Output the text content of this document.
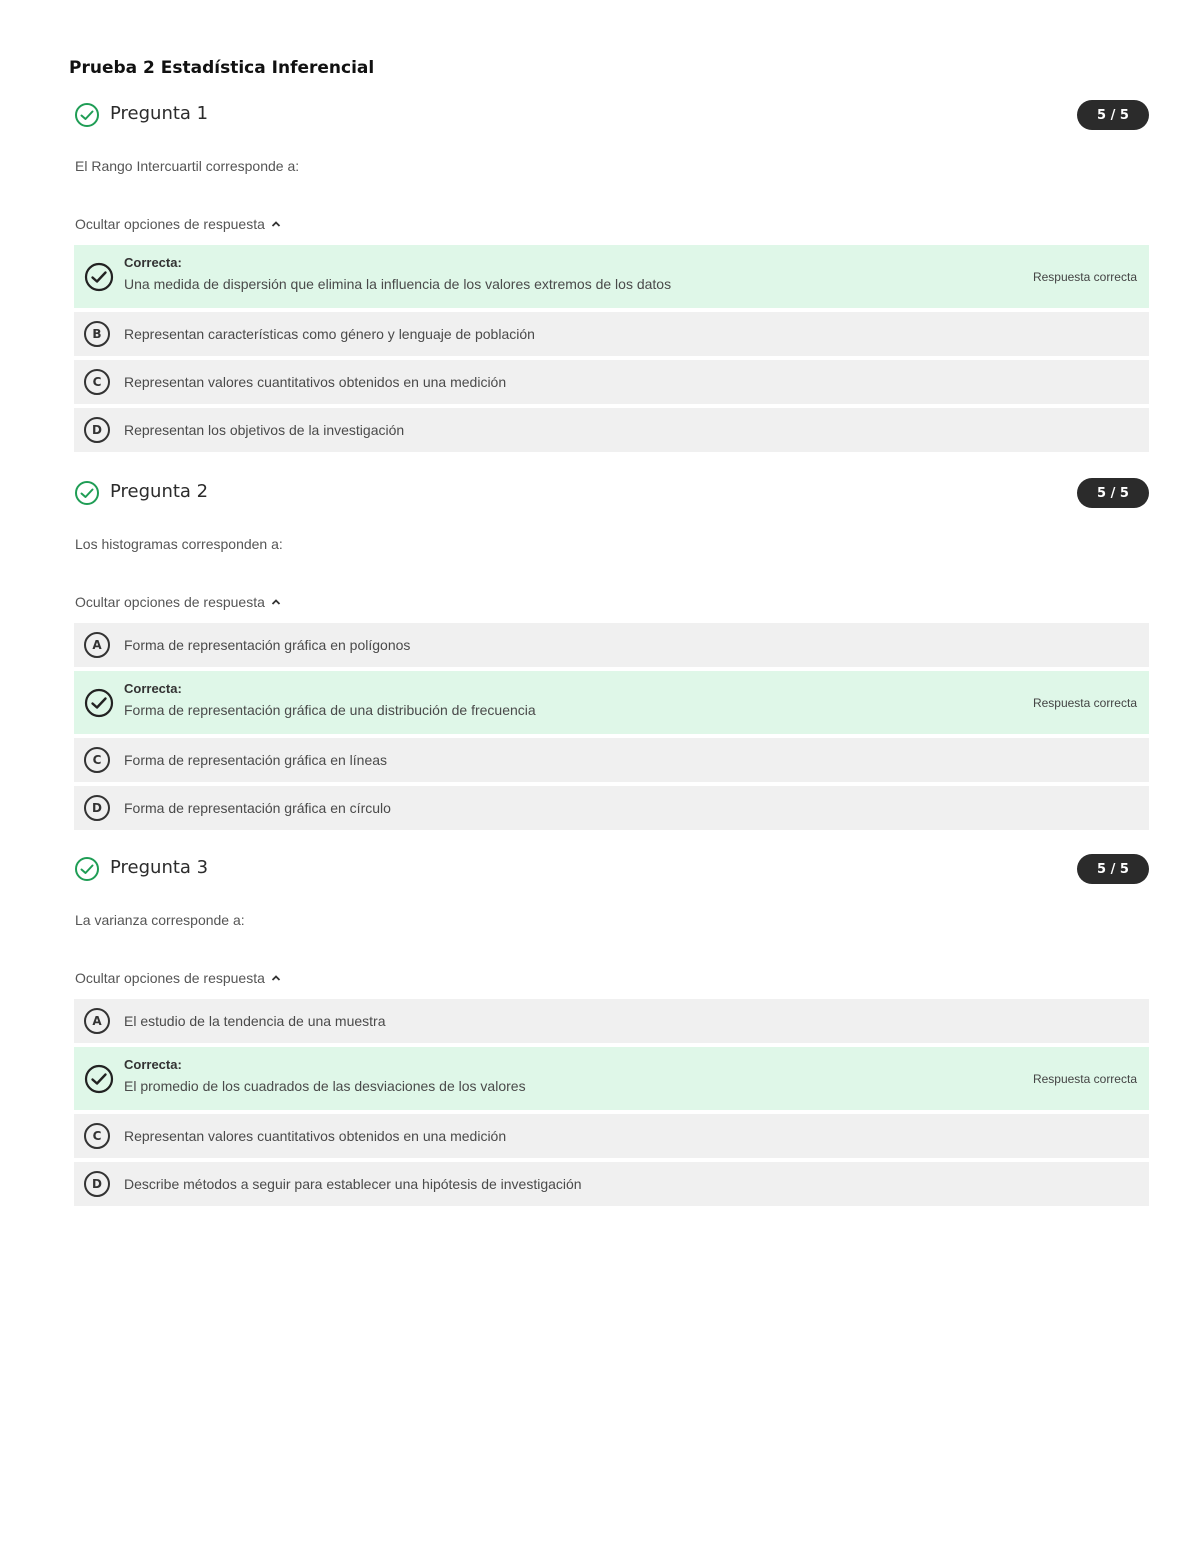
Prueba 2 Estadística Inferencial
Pregunta 1	5 / 5

El Rango Intercuartil corresponde a:

Ocultar opciones de respuesta
Correcta:
Una medida de dispersión que elimina la influencia de los valores extremos de los datos	Respuesta correcta
B	Representan características como género y lenguaje de población
C	Representan valores cuantitativos obtenidos en una medición
D	Representan los objetivos de la investigación
Pregunta 2	5 / 5

Los histogramas corresponden a:

Ocultar opciones de respuesta
A	Forma de representación gráfica en polígonos
Correcta:
Forma de representación gráfica de una distribución de frecuencia	Respuesta correcta
C	Forma de representación gráfica en líneas
D	Forma de representación gráfica en círculo
Pregunta 3	5 / 5

La varianza corresponde a:

Ocultar opciones de respuesta
A	El estudio de la tendencia de una muestra
Correcta:
El promedio de los cuadrados de las desviaciones de los valores	Respuesta correcta
C	Representan valores cuantitativos obtenidos en una medición
D	Describe métodos a seguir para establecer una hipótesis de investigación
